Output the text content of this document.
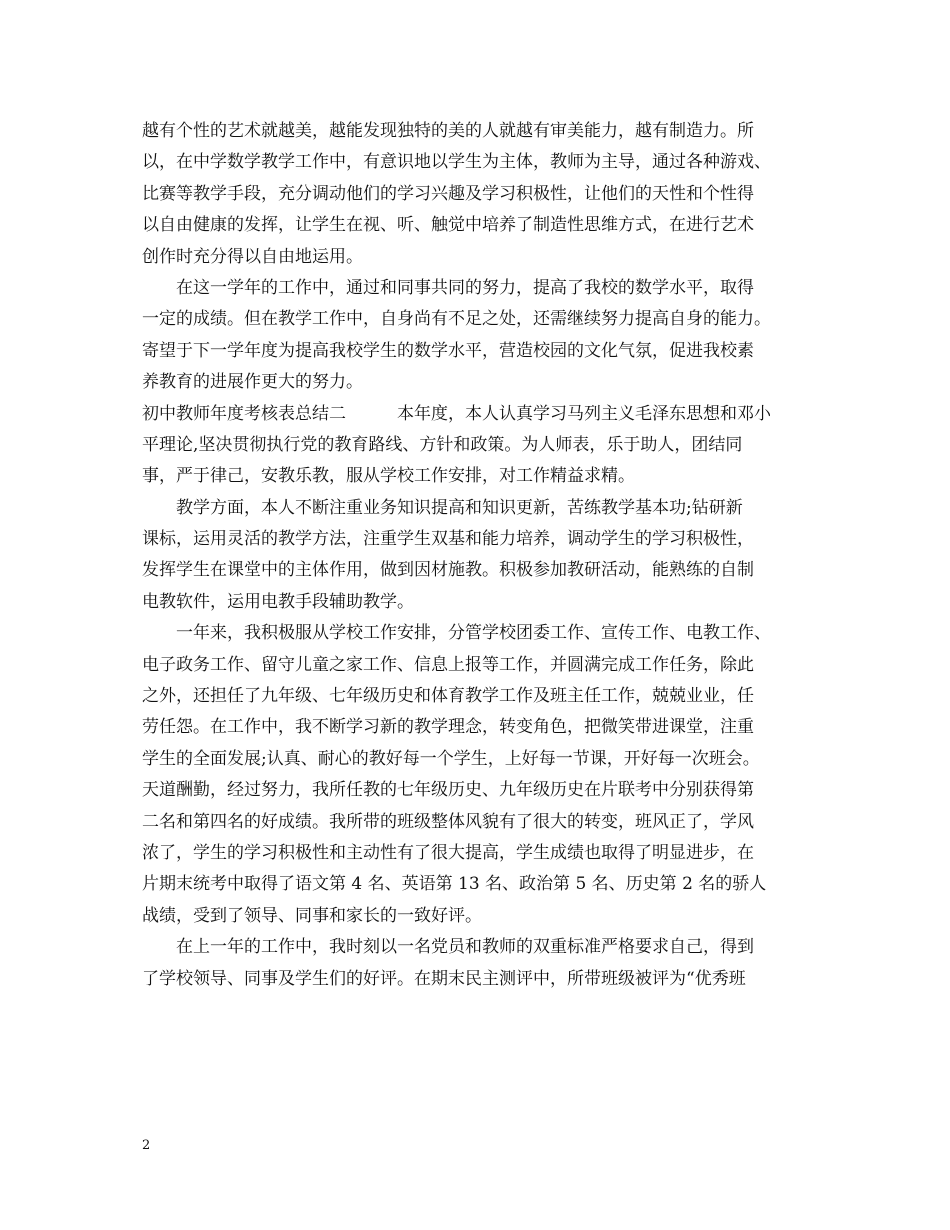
越有个性的艺术就越美，越能发现独特的美的人就越有审美能力，越有制造力。所
以，在中学数学教学工作中，有意识地以学生为主体，教师为主导，通过各种游戏、
比赛等教学手段，充分调动他们的学习兴趣及学习积极性，让他们的天性和个性得
以自由健康的发挥，让学生在视、听、触觉中培养了制造性思维方式，在进行艺术
创作时充分得以自由地运用。
　　在这一学年的工作中，通过和同事共同的努力，提高了我校的数学水平，取得
一定的成绩。但在教学工作中，自身尚有不足之处，还需继续努力提高自身的能力。
寄望于下一学年度为提高我校学生的数学水平，营造校园的文化气氛，促进我校素
养教育的进展作更大的努力。
初中教师年度考核表总结二　　　本年度，本人认真学习马列主义毛泽东思想和邓小
平理论,坚决贯彻执行党的教育路线、方针和政策。为人师表，乐于助人，团结同
事，严于律己，安教乐教，服从学校工作安排，对工作精益求精。
　　教学方面，本人不断注重业务知识提高和知识更新，苦练教学基本功;钻研新
课标，运用灵活的教学方法，注重学生双基和能力培养，调动学生的学习积极性，
发挥学生在课堂中的主体作用，做到因材施教。积极参加教研活动，能熟练的自制
电教软件，运用电教手段辅助教学。
　　一年来，我积极服从学校工作安排，分管学校团委工作、宣传工作、电教工作、
电子政务工作、留守儿童之家工作、信息上报等工作，并圆满完成工作任务，除此
之外，还担任了九年级、七年级历史和体育教学工作及班主任工作，兢兢业业，任
劳任怨。在工作中，我不断学习新的教学理念，转变角色，把微笑带进课堂，注重
学生的全面发展;认真、耐心的教好每一个学生，上好每一节课，开好每一次班会。
天道酬勤，经过努力，我所任教的七年级历史、九年级历史在片联考中分别获得第
二名和第四名的好成绩。我所带的班级整体风貌有了很大的转变，班风正了，学风
浓了，学生的学习积极性和主动性有了很大提高，学生成绩也取得了明显进步，在
片期末统考中取得了语文第 4 名、英语第 13 名、政治第 5 名、历史第 2 名的骄人
战绩，受到了领导、同事和家长的一致好评。
　　在上一年的工作中，我时刻以一名党员和教师的双重标准严格要求自己，得到
了学校领导、同事及学生们的好评。在期末民主测评中，所带班级被评为“优秀班
2
